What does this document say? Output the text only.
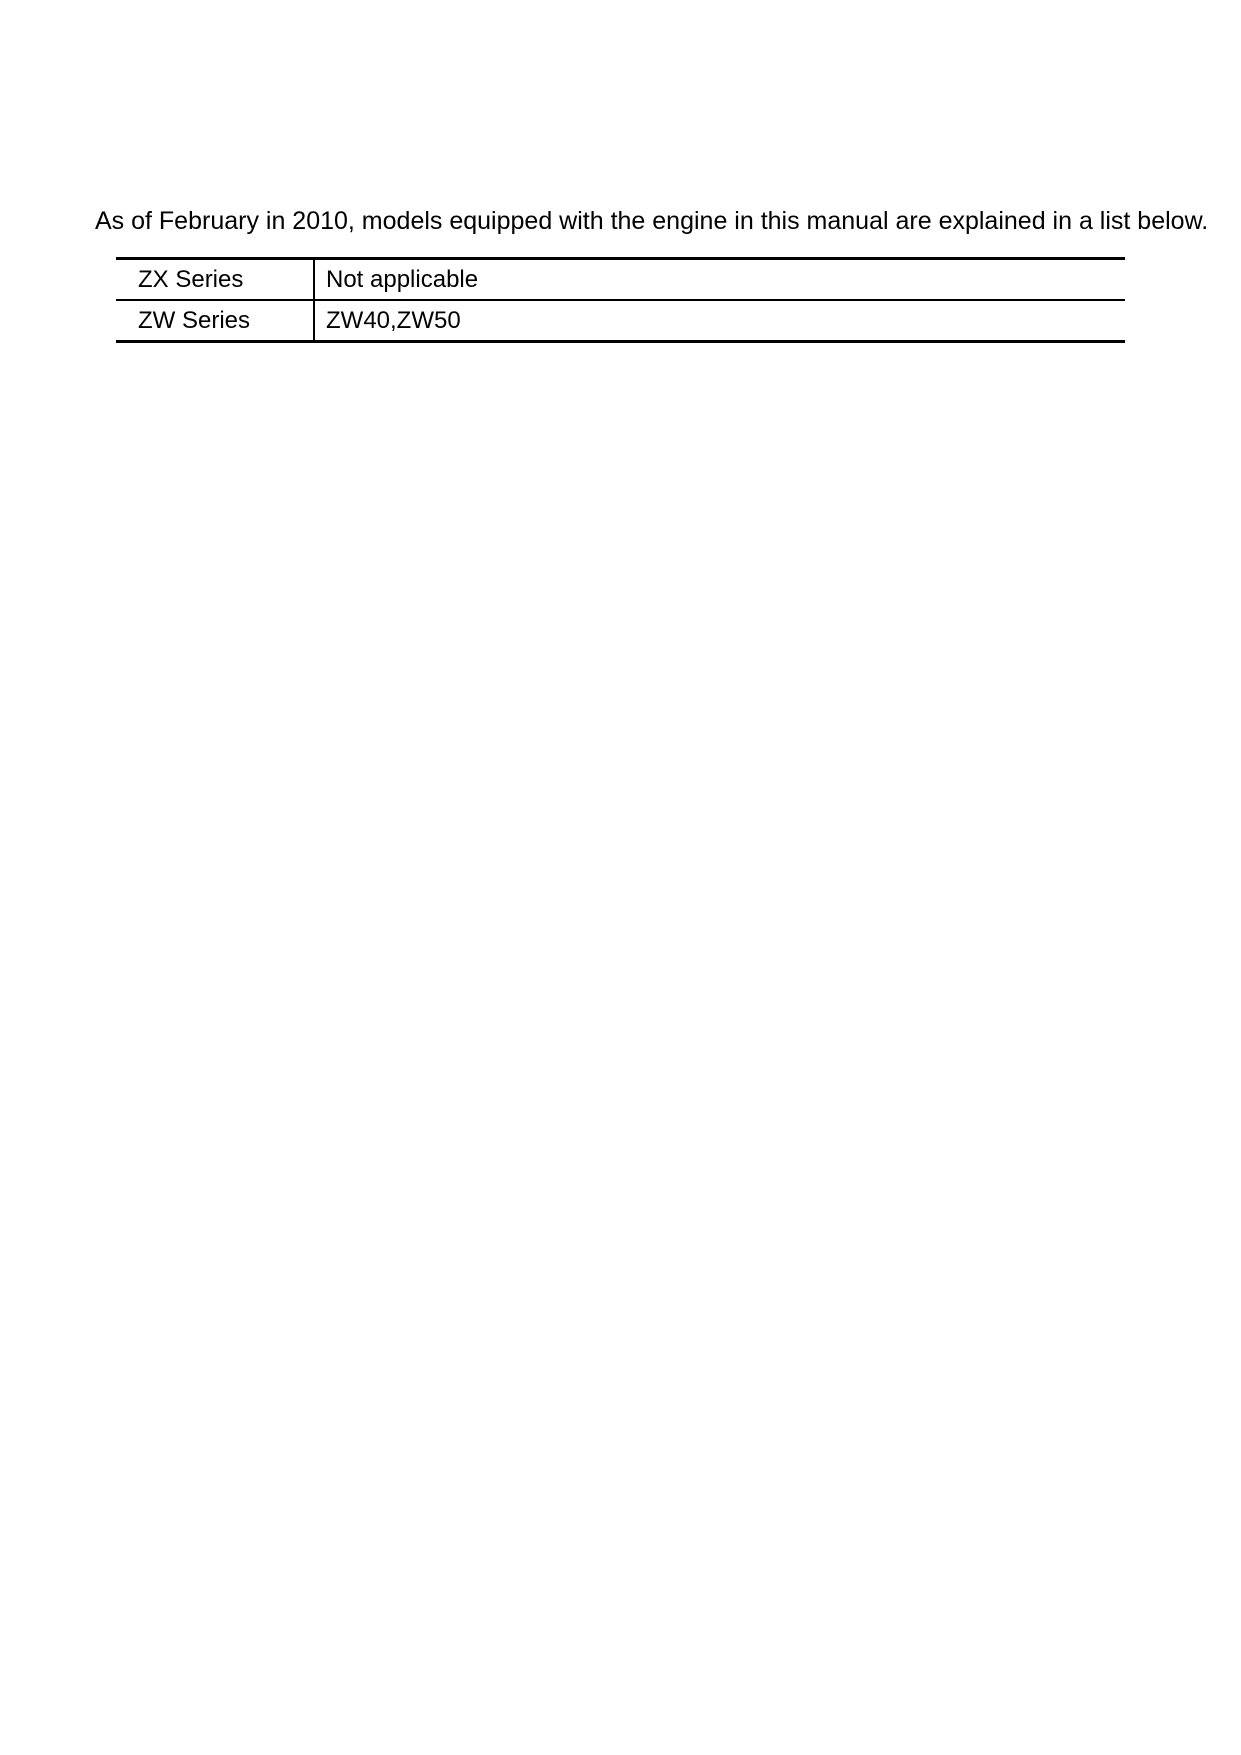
As of February in 2010, models equipped with the engine in this manual are explained in a list below.
ZX Series	Not applicable
ZW Series	ZW40,ZW50
